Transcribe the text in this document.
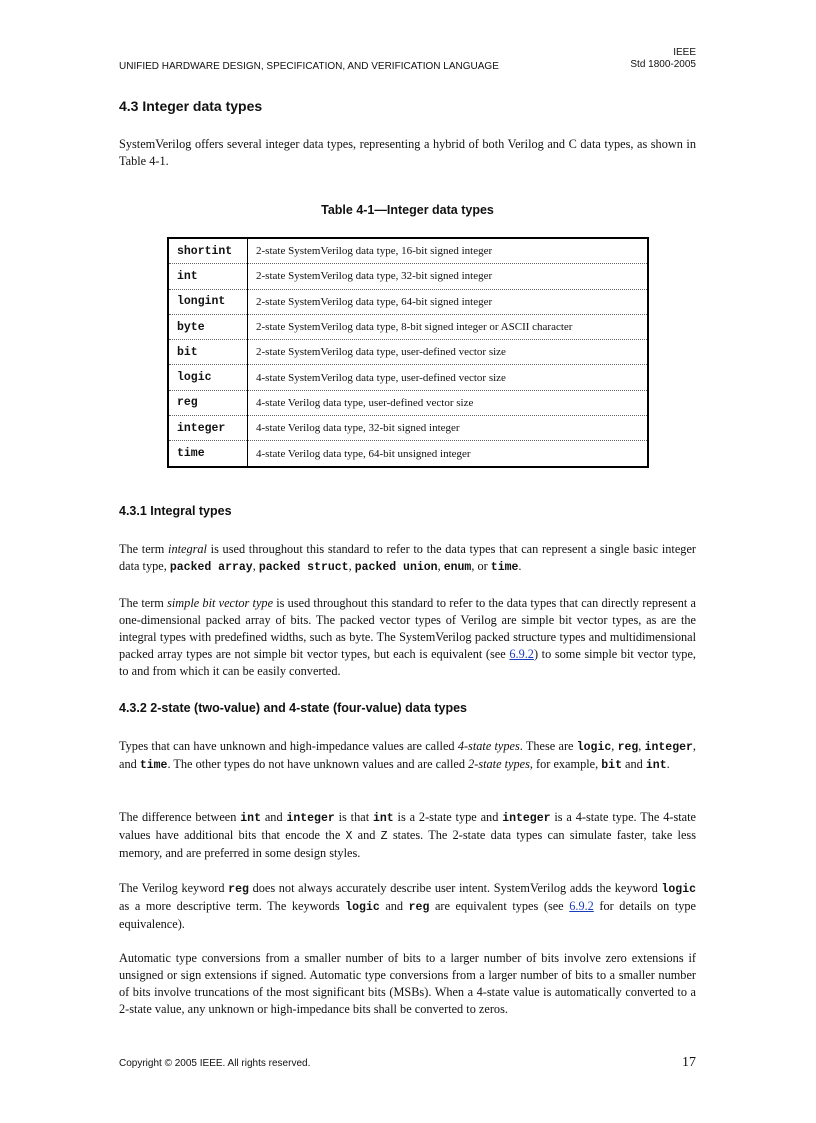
IEEE
Std 1800-2005
UNIFIED HARDWARE DESIGN, SPECIFICATION, AND VERIFICATION LANGUAGE
4.3 Integer data types

SystemVerilog offers several integer data types, representing a hybrid of both Verilog and C data types, as shown in Table 4-1.

Table 4-1—Integer data types
shortint	2-state SystemVerilog data type, 16-bit signed integer
int	2-state SystemVerilog data type, 32-bit signed integer
longint	2-state SystemVerilog data type, 64-bit signed integer
byte	2-state SystemVerilog data type, 8-bit signed integer or ASCII character
bit	2-state SystemVerilog data type, user-defined vector size
logic	4-state SystemVerilog data type, user-defined vector size
reg	4-state Verilog data type, user-defined vector size
integer	4-state Verilog data type, 32-bit signed integer
time	4-state Verilog data type, 64-bit unsigned integer
4.3.1 Integral types

The term integral is used throughout this standard to refer to the data types that can represent a single basic integer data type, packed array, packed struct, packed union, enum, or time.

The term simple bit vector type is used throughout this standard to refer to the data types that can directly represent a one-dimensional packed array of bits. The packed vector types of Verilog are simple bit vector types, as are the integral types with predefined widths, such as byte. The SystemVerilog packed structure types and multidimensional packed array types are not simple bit vector types, but each is equivalent (see 6.9.2) to some simple bit vector type, to and from which it can be easily converted.

4.3.2 2-state (two-value) and 4-state (four-value) data types

Types that can have unknown and high-impedance values are called 4-state types. These are logic, reg, integer, and time. The other types do not have unknown values and are called 2-state types, for example, bit and int.

The difference between int and integer is that int is a 2-state type and integer is a 4-state type. The 4-state values have additional bits that encode the X and Z states. The 2-state data types can simulate faster, take less memory, and are preferred in some design styles.

The Verilog keyword reg does not always accurately describe user intent. SystemVerilog adds the keyword logic as a more descriptive term. The keywords logic and reg are equivalent types (see 6.9.2 for details on type equivalence).

Automatic type conversions from a smaller number of bits to a larger number of bits involve zero extensions if unsigned or sign extensions if signed. Automatic type conversions from a larger number of bits to a smaller number of bits involve truncations of the most significant bits (MSBs). When a 4-state value is automatically converted to a 2-state value, any unknown or high-impedance bits shall be converted to zeros.

Copyright © 2005 IEEE. All rights reserved.	17
